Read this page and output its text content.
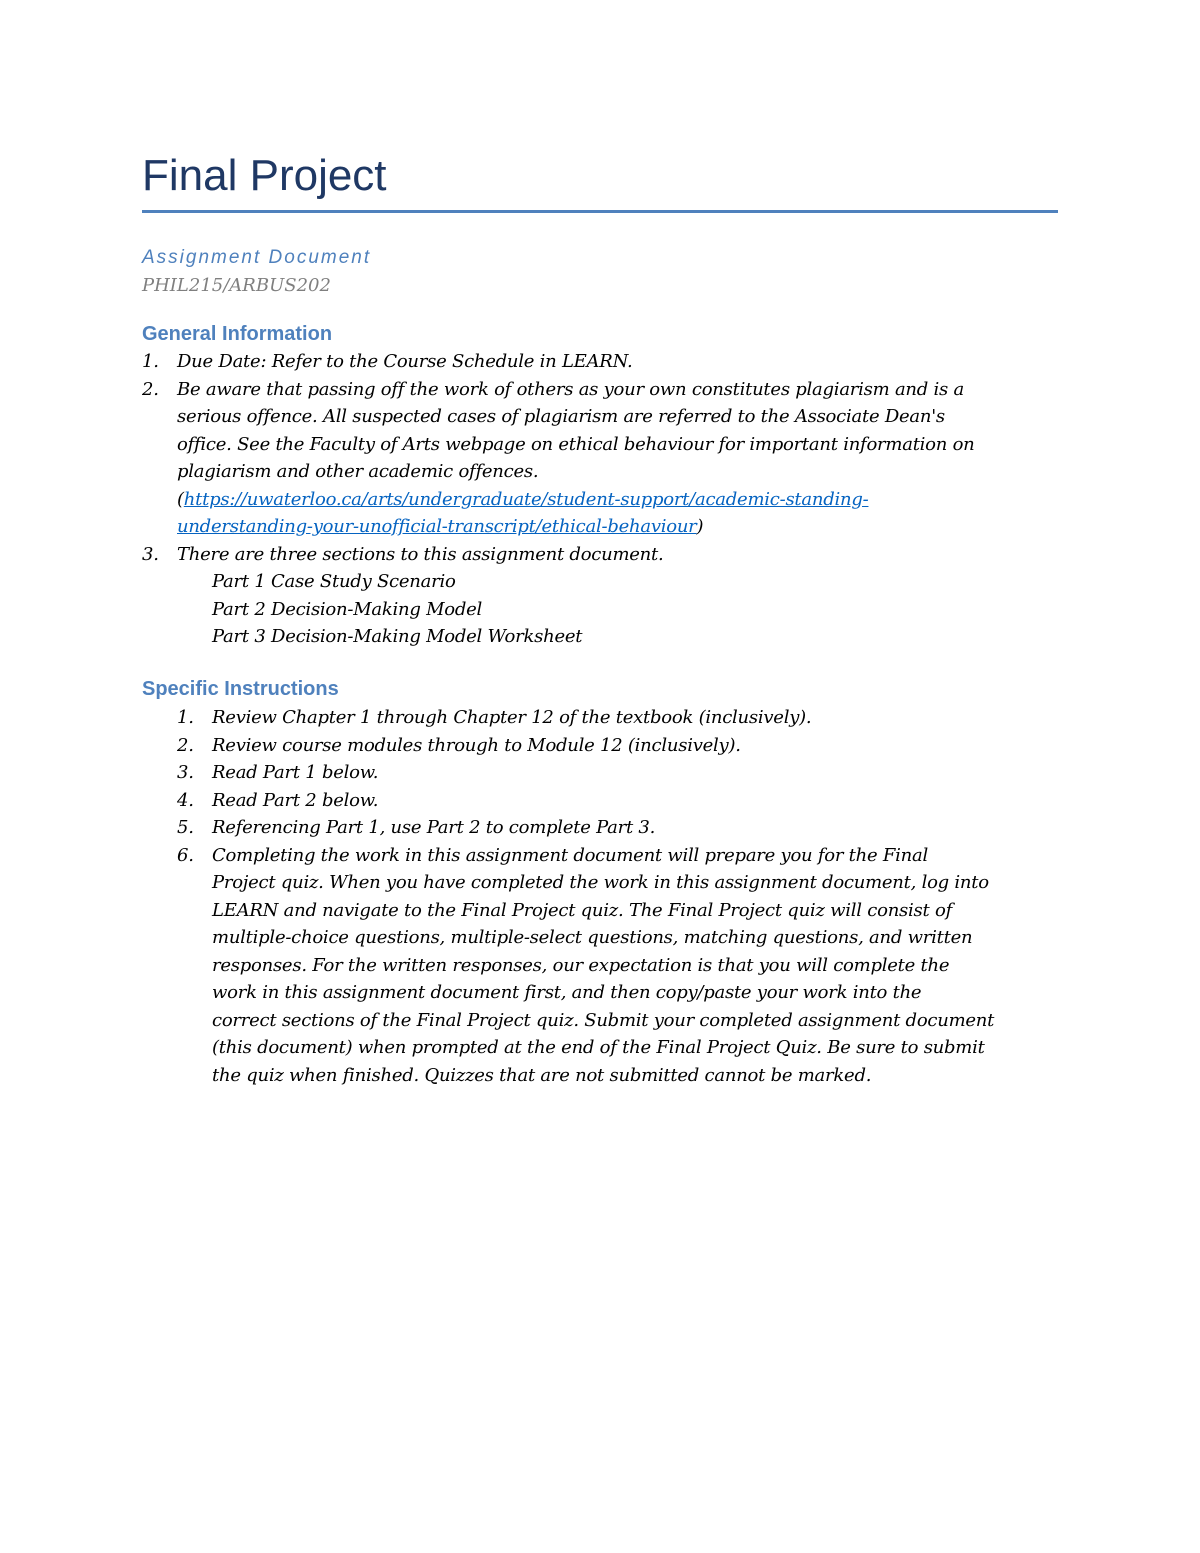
Final Project
Assignment Document
PHIL215/ARBUS202
General Information
1. Due Date: Refer to the Course Schedule in LEARN.
2. Be aware that passing off the work of others as your own constitutes plagiarism and is a
serious offence. All suspected cases of plagiarism are referred to the Associate Dean's
office. See the Faculty of Arts webpage on ethical behaviour for important information on
plagiarism and other academic offences.
(https://uwaterloo.ca/arts/undergraduate/student-support/academic-standing-
understanding-your-unofficial-transcript/ethical-behaviour)
3. There are three sections to this assignment document.
Part 1 Case Study Scenario
Part 2 Decision-Making Model
Part 3 Decision-Making Model Worksheet
Specific Instructions
1. Review Chapter 1 through Chapter 12 of the textbook (inclusively).
2. Review course modules through to Module 12 (inclusively).
3. Read Part 1 below.
4. Read Part 2 below.
5. Referencing Part 1, use Part 2 to complete Part 3.
6. Completing the work in this assignment document will prepare you for the Final
Project quiz. When you have completed the work in this assignment document, log into
LEARN and navigate to the Final Project quiz. The Final Project quiz will consist of
multiple-choice questions, multiple-select questions, matching questions, and written
responses. For the written responses, our expectation is that you will complete the
work in this assignment document first, and then copy/paste your work into the
correct sections of the Final Project quiz. Submit your completed assignment document
(this document) when prompted at the end of the Final Project Quiz. Be sure to submit
the quiz when finished. Quizzes that are not submitted cannot be marked.
